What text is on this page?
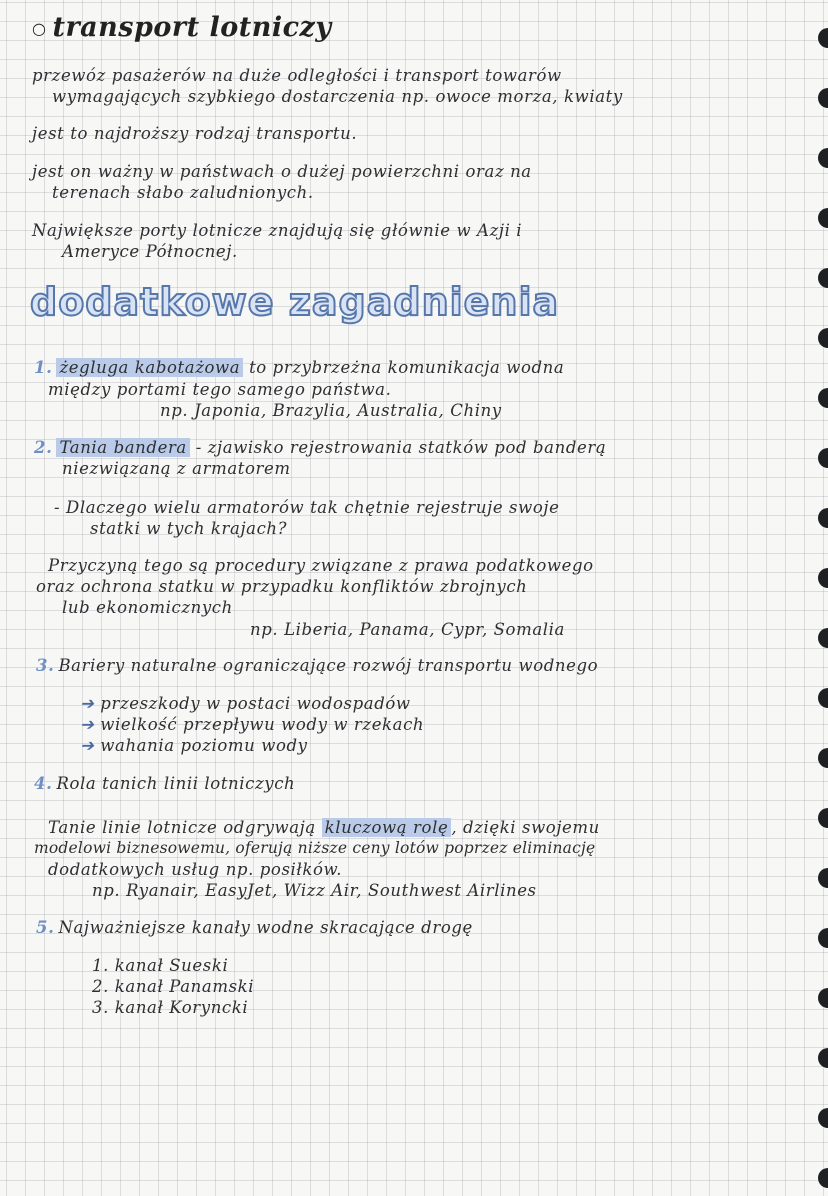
○ transport lotniczy
przewóz pasażerów na duże odległości i transport towarów
wymagających szybkiego dostarczenia np. owoce morza, kwiaty
jest to najdroższy rodzaj transportu.
jest on ważny w państwach o dużej powierzchni oraz na
terenach słabo zaludnionych.
Największe porty lotnicze znajdują się głównie w Azji i
Ameryce Północnej.
dodatkowe zagadnienia
1. żegluga kabotażowa to przybrzeżna komunikacja wodna
między portami tego samego państwa.
np. Japonia, Brazylia, Australia, Chiny
2. Tania bandera - zjawisko rejestrowania statków pod banderą
niezwiązaną z armatorem
- Dlaczego wielu armatorów tak chętnie rejestruje swoje
statki w tych krajach?
Przyczyną tego są procedury związane z prawa podatkowego
oraz ochrona statku w przypadku konfliktów zbrojnych
lub ekonomicznych
np. Liberia, Panama, Cypr, Somalia
3. Bariery naturalne ograniczające rozwój transportu wodnego
➔ przeszkody w postaci wodospadów
➔ wielkość przepływu wody w rzekach
➔ wahania poziomu wody
4. Rola tanich linii lotniczych
Tanie linie lotnicze odgrywają kluczową rolę , dzięki swojemu
modelowi biznesowemu, oferują niższe ceny lotów poprzez eliminację
dodatkowych usług np. posiłków.
np. Ryanair, EasyJet, Wizz Air, Southwest Airlines
5. Najważniejsze kanały wodne skracające drogę
1. kanał Sueski
2. kanał Panamski
3. kanał Koryncki
